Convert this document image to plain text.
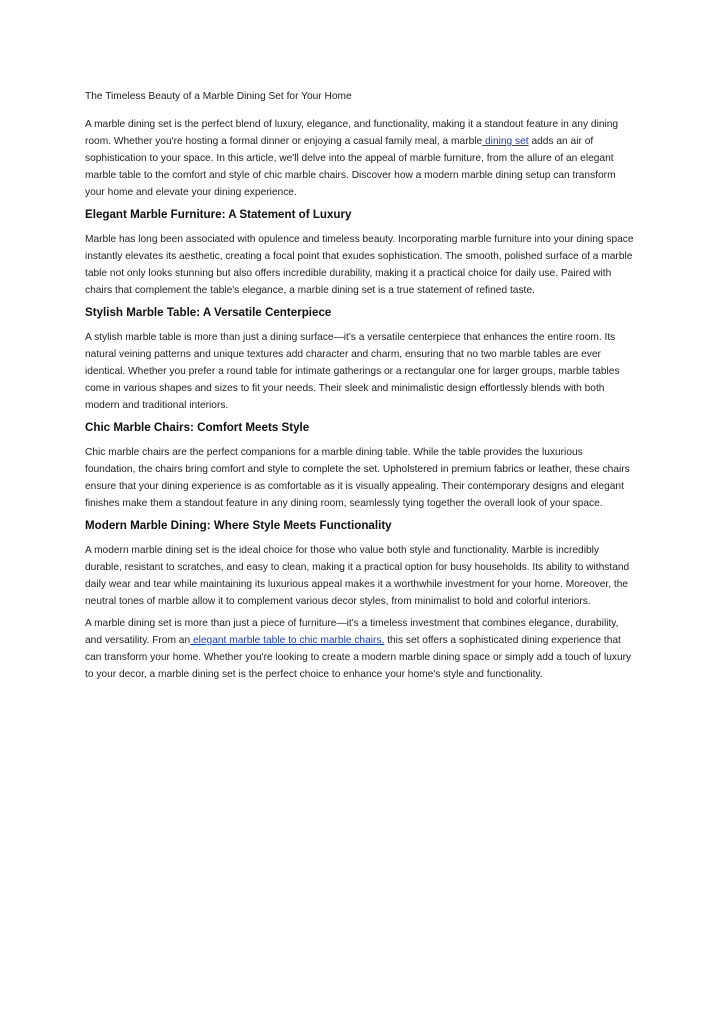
The Timeless Beauty of a Marble Dining Set for Your Home

A marble dining set is the perfect blend of luxury, elegance, and functionality, making it a standout feature in any dining room. Whether you're hosting a formal dinner or enjoying a casual family meal, a marble dining set adds an air of sophistication to your space. In this article, we'll delve into the appeal of marble furniture, from the allure of an elegant marble table to the comfort and style of chic marble chairs. Discover how a modern marble dining setup can transform your home and elevate your dining experience.

Elegant Marble Furniture: A Statement of Luxury

Marble has long been associated with opulence and timeless beauty. Incorporating marble furniture into your dining space instantly elevates its aesthetic, creating a focal point that exudes sophistication. The smooth, polished surface of a marble table not only looks stunning but also offers incredible durability, making it a practical choice for daily use. Paired with chairs that complement the table's elegance, a marble dining set is a true statement of refined taste.

Stylish Marble Table: A Versatile Centerpiece

A stylish marble table is more than just a dining surface—it's a versatile centerpiece that enhances the entire room. Its natural veining patterns and unique textures add character and charm, ensuring that no two marble tables are ever identical. Whether you prefer a round table for intimate gatherings or a rectangular one for larger groups, marble tables come in various shapes and sizes to fit your needs. Their sleek and minimalistic design effortlessly blends with both modern and traditional interiors.

Chic Marble Chairs: Comfort Meets Style

Chic marble chairs are the perfect companions for a marble dining table. While the table provides the luxurious foundation, the chairs bring comfort and style to complete the set. Upholstered in premium fabrics or leather, these chairs ensure that your dining experience is as comfortable as it is visually appealing. Their contemporary designs and elegant finishes make them a standout feature in any dining room, seamlessly tying together the overall look of your space.

Modern Marble Dining: Where Style Meets Functionality

A modern marble dining set is the ideal choice for those who value both style and functionality. Marble is incredibly durable, resistant to scratches, and easy to clean, making it a practical option for busy households. Its ability to withstand daily wear and tear while maintaining its luxurious appeal makes it a worthwhile investment for your home. Moreover, the neutral tones of marble allow it to complement various decor styles, from minimalist to bold and colorful interiors.

A marble dining set is more than just a piece of furniture—it's a timeless investment that combines elegance, durability, and versatility. From an elegant marble table to chic marble chairs, this set offers a sophisticated dining experience that can transform your home. Whether you're looking to create a modern marble dining space or simply add a touch of luxury to your decor, a marble dining set is the perfect choice to enhance your home's style and functionality.
